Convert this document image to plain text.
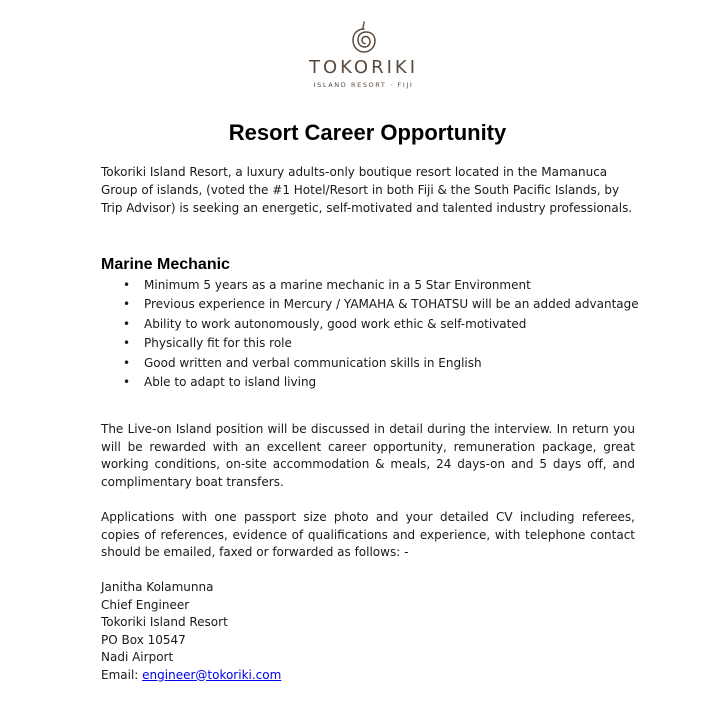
TOKORIKI
ISLAND RESORT · FIJI
Resort Career Opportunity

Tokoriki Island Resort, a luxury adults-only boutique resort located in the Mamanuca Group of islands, (voted the #1 Hotel/Resort in both Fiji & the South Pacific Islands, by Trip Advisor) is seeking an energetic, self-motivated and talented industry professionals.

Marine Mechanic
• Minimum 5 years as a marine mechanic in a 5 Star Environment
• Previous experience in Mercury / YAMAHA & TOHATSU will be an added advantage
• Ability to work autonomously, good work ethic & self-motivated
• Physically fit for this role
• Good written and verbal communication skills in English
• Able to adapt to island living

The Live-on Island position will be discussed in detail during the interview. In return you will be rewarded with an excellent career opportunity, remuneration package, great working conditions, on-site accommodation & meals, 24 days-on and 5 days off, and complimentary boat transfers.

Applications with one passport size photo and your detailed CV including referees, copies of references, evidence of qualifications and experience, with telephone contact should be emailed, faxed or forwarded as follows: -

Janitha Kolamunna
Chief Engineer
Tokoriki Island Resort
PO Box 10547
Nadi Airport
Email: engineer@tokoriki.com
